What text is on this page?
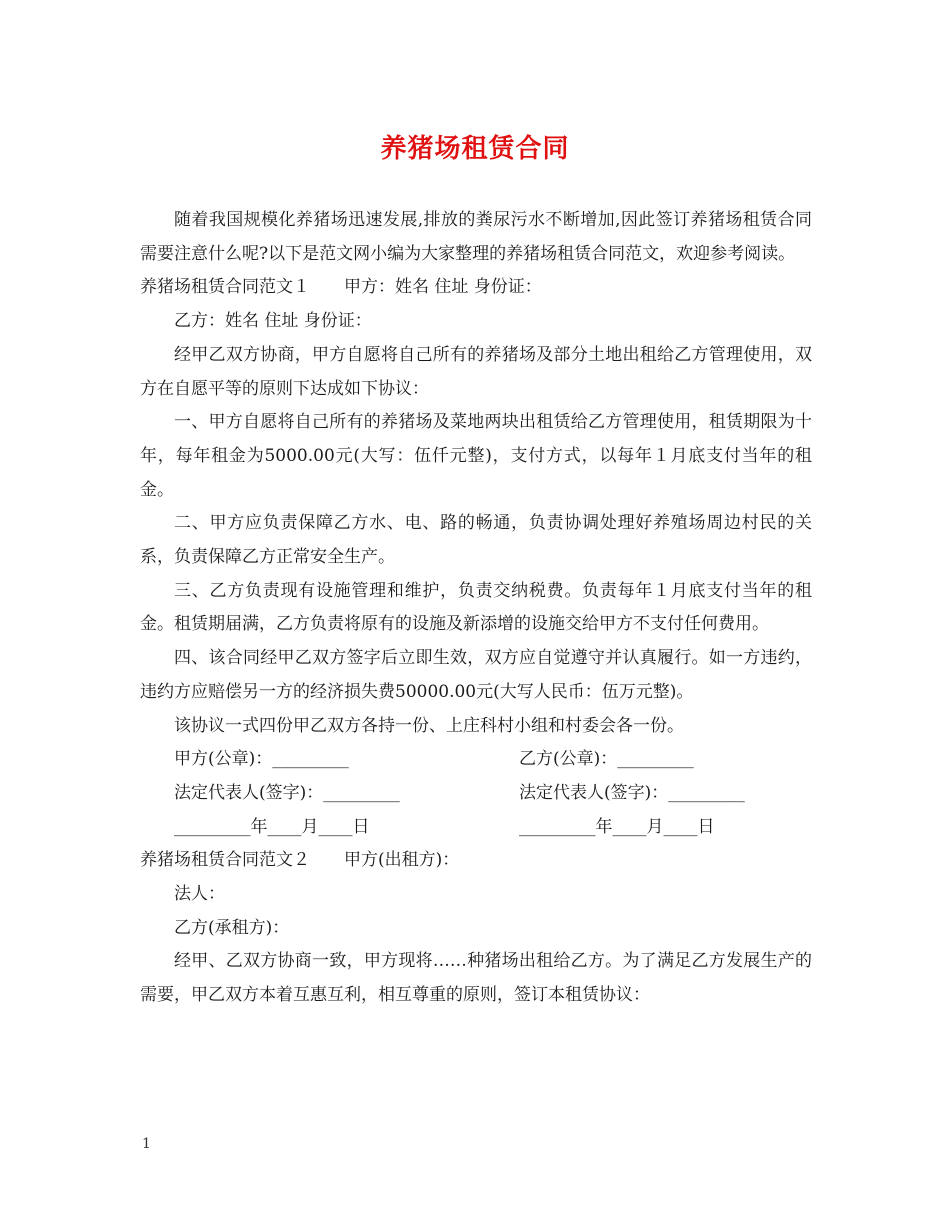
养猪场租赁合同

随着我国规模化养猪场迅速发展,排放的粪尿污水不断增加,因此签订养猪场租赁合同需要注意什么呢?以下是范文网小编为大家整理的养猪场租赁合同范文，欢迎参考阅读。

养猪场租赁合同范文１　　甲方：姓名 住址 身份证：

乙方：姓名 住址 身份证：

经甲乙双方协商，甲方自愿将自己所有的养猪场及部分土地出租给乙方管理使用，双方在自愿平等的原则下达成如下协议：

一、甲方自愿将自己所有的养猪场及菜地两块出租赁给乙方管理使用，租赁期限为十年，每年租金为5000.00元(大写：伍仟元整)，支付方式，以每年１月底支付当年的租金。

二、甲方应负责保障乙方水、电、路的畅通，负责协调处理好养殖场周边村民的关系，负责保障乙方正常安全生产。

三、乙方负责现有设施管理和维护，负责交纳税费。负责每年１月底支付当年的租金。租赁期届满，乙方负责将原有的设施及新添增的设施交给甲方不支付任何费用。

四、该合同经甲乙双方签字后立即生效，双方应自觉遵守并认真履行。如一方违约，违约方应赔偿另一方的经济损失费50000.00元(大写人民币：伍万元整)。

该协议一式四份甲乙双方各持一份、上庄科村小组和村委会各一份。

甲方(公章)：_________	乙方(公章)：_________
法定代表人(签字)：_________	法定代表人(签字)：_________
_________年____月____日	_________年____月____日

养猪场租赁合同范文２　　甲方(出租方)：

法人：

乙方(承租方)：

经甲、乙双方协商一致，甲方现将……种猪场出租给乙方。为了满足乙方发展生产的需要，甲乙双方本着互惠互利，相互尊重的原则，签订本租赁协议：

1
